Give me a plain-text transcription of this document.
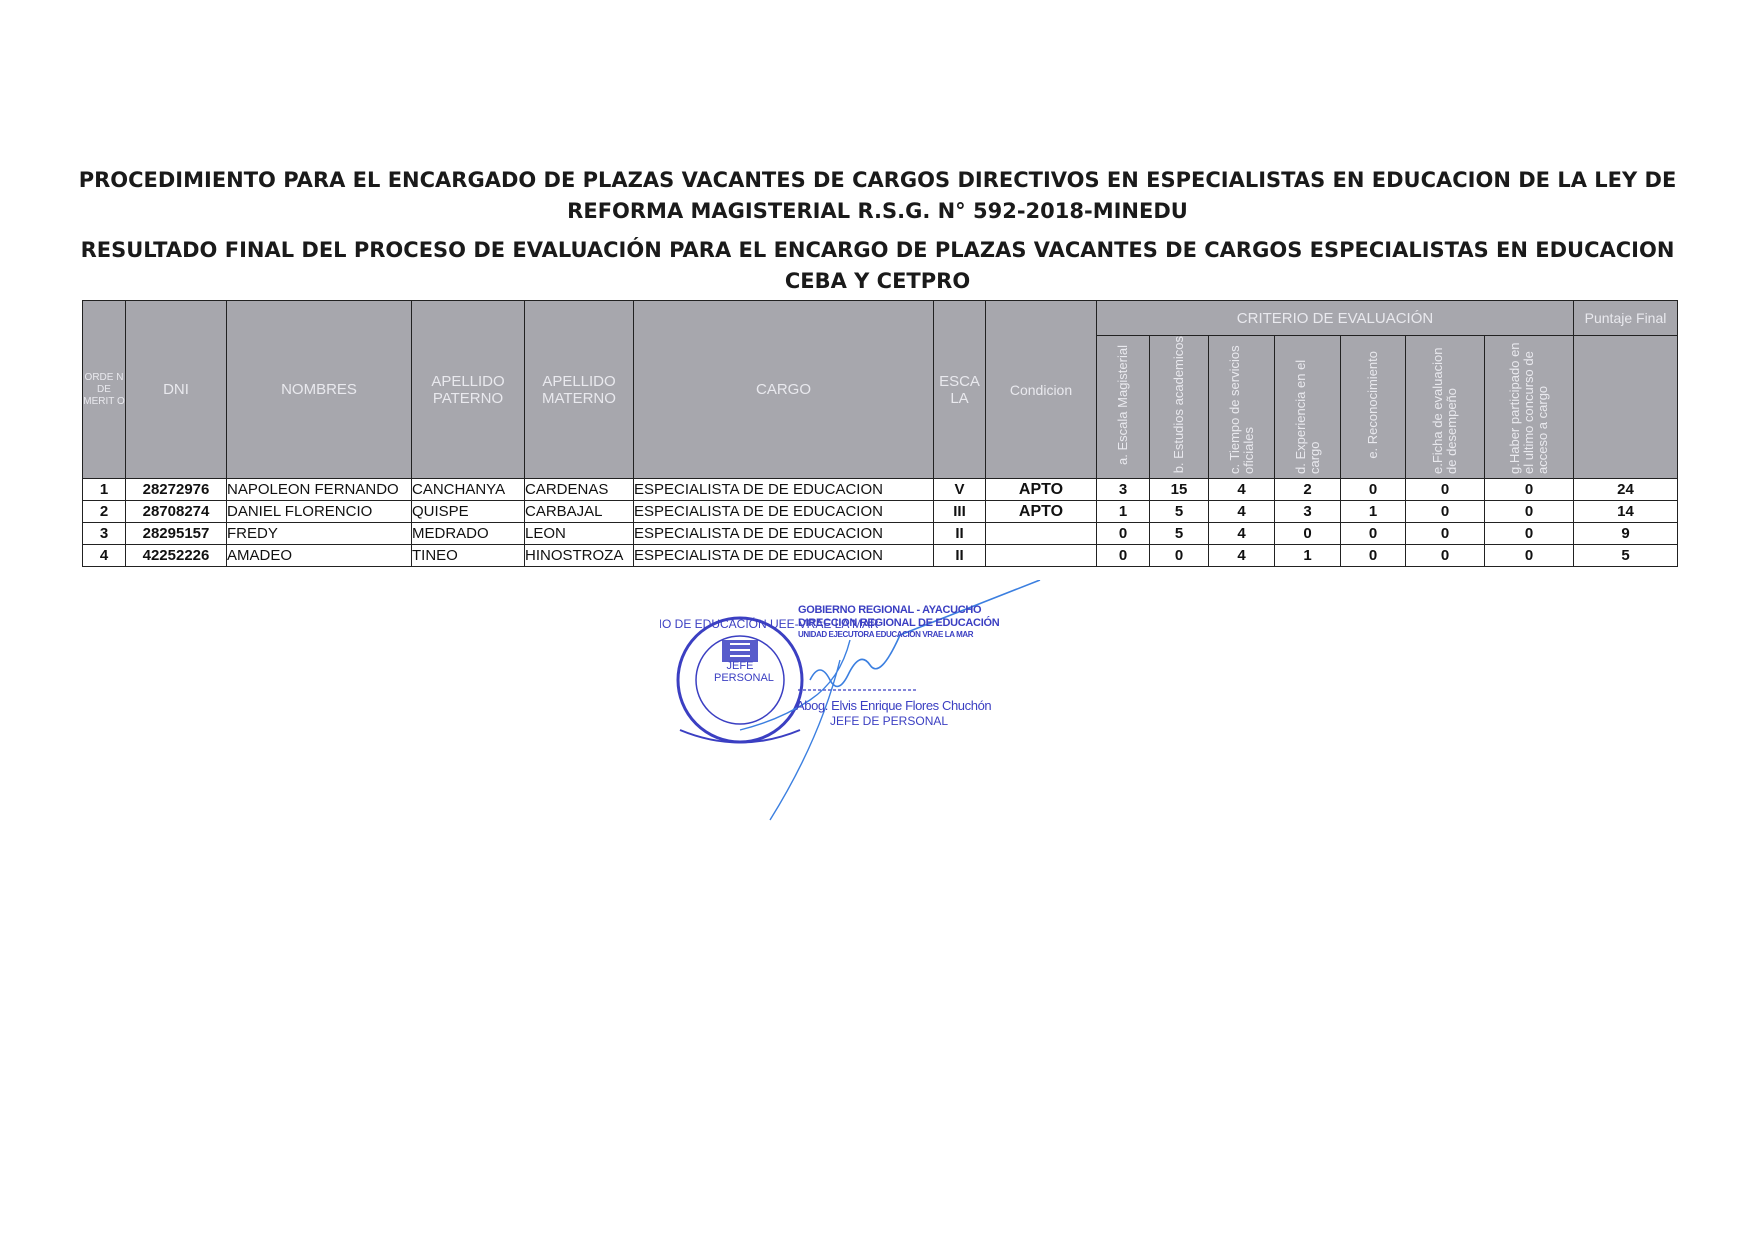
PROCEDIMIENTO PARA EL ENCARGADO DE PLAZAS VACANTES DE CARGOS DIRECTIVOS EN ESPECIALISTAS EN EDUCACION DE LA LEY DE REFORMA MAGISTERIAL R.S.G. N° 592-2018-MINEDU
RESULTADO FINAL DEL PROCESO DE EVALUACIÓN PARA EL ENCARGO DE PLAZAS VACANTES DE CARGOS ESPECIALISTAS EN EDUCACION CEBA Y CETPRO
ORDE N DE MERIT O	DNI	NOMBRES	APELLIDO PATERNO	APELLIDO MATERNO	CARGO	ESCA LA	Condicion	CRITERIO DE EVALUACIÓN							Puntaje Final
								a. Escala Magisterial	b. Estudios academicos	c. Tiempo de servicios oficiales	d. Experiencia en el cargo	e. Reconocimiento	e.Ficha de evaluacion de desempeño	g.Haber participado en el ultimo concurso de acceso a cargo	
1	28272976	NAPOLEON FERNANDO	CANCHANYA	CARDENAS	ESPECIALISTA DE DE EDUCACION	V	APTO	3	15	4	2	0	0	0	24
2	28708274	DANIEL FLORENCIO	QUISPE	CARBAJAL	ESPECIALISTA DE DE EDUCACION	III	APTO	1	5	4	3	1	0	0	14
3	28295157	FREDY	MEDRADO	LEON	ESPECIALISTA DE DE EDUCACION	II		0	5	4	0	0	0	0	9
4	42252226	AMADEO	TINEO	HINOSTROZA	ESPECIALISTA DE DE EDUCACION	II		0	0	4	1	0	0	0	5
IO DE EDUCACIÓN UEE-VRAE LA MAR
JEFE PERSONAL
GOBIERNO REGIONAL - AYACUCHO
DIRECCION REGIONAL DE EDUCACIÓN
UNIDAD EJECUTORA EDUCACION VRAE LA MAR
Abog. Elvis Enrique Flores Chuchón
JEFE DE PERSONAL
